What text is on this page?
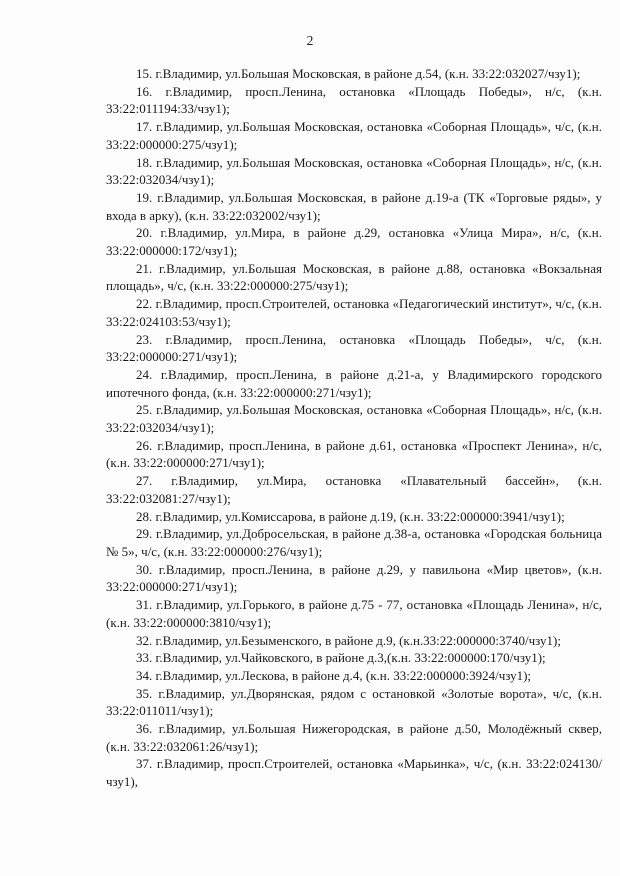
2

15. г.Владимир, ул.Большая Московская, в районе д.54, (к.н. 33:22:032027/чзу1);

16. г.Владимир, просп.Ленина, остановка «Площадь Победы», н/с, (к.н. 33:22:011194:33/чзу1);

17. г.Владимир, ул.Большая Московская, остановка «Соборная Площадь», ч/с, (к.н. 33:22:000000:275/чзу1);

18. г.Владимир, ул.Большая Московская, остановка «Соборная Площадь», н/с, (к.н. 33:22:032034/чзу1);

19. г.Владимир, ул.Большая Московская, в районе д.19-а (ТК «Торговые ряды», у входа в арку), (к.н. 33:22:032002/чзу1);

20. г.Владимир, ул.Мира, в районе д.29, остановка «Улица Мира», н/с, (к.н. 33:22:000000:172/чзу1);

21. г.Владимир, ул.Большая Московская, в районе д.88, остановка «Вокзальная площадь», ч/с, (к.н. 33:22:000000:275/чзу1);

22. г.Владимир, просп.Строителей, остановка «Педагогический институт», ч/с, (к.н. 33:22:024103:53/чзу1);

23. г.Владимир, просп.Ленина, остановка «Площадь Победы», ч/с, (к.н. 33:22:000000:271/чзу1);

24. г.Владимир, просп.Ленина, в районе д.21-а, у Владимирского городского ипотечного фонда, (к.н. 33:22:000000:271/чзу1);

25. г.Владимир, ул.Большая Московская, остановка «Соборная Площадь», н/с, (к.н. 33:22:032034/чзу1);

26. г.Владимир, просп.Ленина, в районе д.61, остановка «Проспект Ленина», н/с, (к.н. 33:22:000000:271/чзу1);

27. г.Владимир, ул.Мира, остановка «Плавательный бассейн», (к.н. 33:22:032081:27/чзу1);

28. г.Владимир, ул.Комиссарова, в районе д.19, (к.н. 33:22:000000:3941/чзу1);

29. г.Владимир, ул.Добросельская, в районе д.38-а, остановка «Городская больница № 5», ч/с, (к.н. 33:22:000000:276/чзу1);

30. г.Владимир, просп.Ленина, в районе д.29, у павильона «Мир цветов», (к.н. 33:22:000000:271/чзу1);

31. г.Владимир, ул.Горького, в районе д.75 - 77, остановка «Площадь Ленина», н/с, (к.н. 33:22:000000:3810/чзу1);

32. г.Владимир, ул.Безыменского, в районе д.9, (к.н.33:22:000000:3740/чзу1);

33. г.Владимир, ул.Чайковского, в районе д.3,(к.н. 33:22:000000:170/чзу1);

34. г.Владимир, ул.Лескова, в районе д.4, (к.н. 33:22:000000:3924/чзу1);

35. г.Владимир, ул.Дворянская, рядом с остановкой «Золотые ворота», ч/с, (к.н. 33:22:011011/чзу1);

36. г.Владимир, ул.Большая Нижегородская, в районе д.50, Молодёжный сквер, (к.н. 33:22:032061:26/чзу1);

37. г.Владимир, просп.Строителей, остановка «Марьинка», ч/с, (к.н. 33:22:024130/чзу1),
